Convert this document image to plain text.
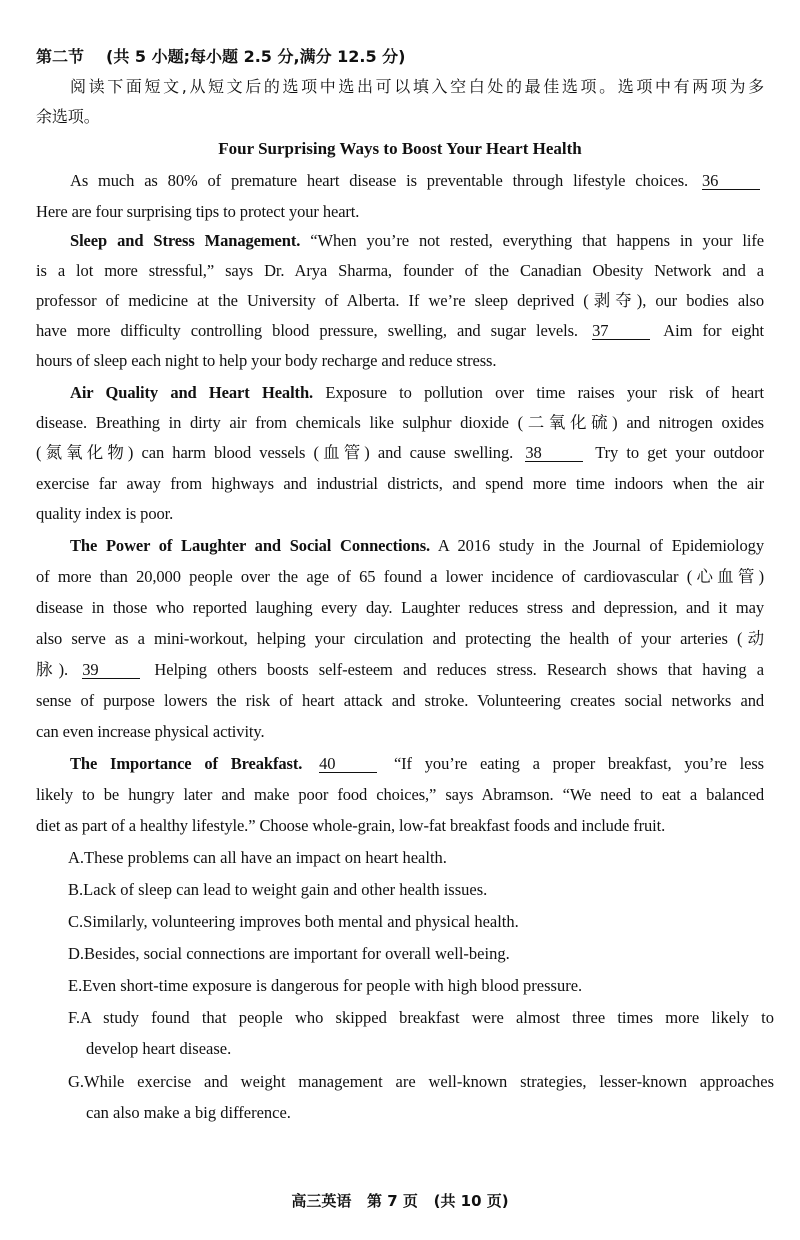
第二节 (共 5 小题;每小题 2.5 分,满分 12.5 分)
阅读下面短文,从短文后的选项中选出可以填入空白处的最佳选项。选项中有两项为多
余选项。
Four Surprising Ways to Boost Your Heart Health
As much as 80% of premature heart disease is preventable through lifestyle choices. 36
Here are four surprising tips to protect your heart.
Sleep and Stress Management. “When you’re not rested, everything that happens in your life
is a lot more stressful,” says Dr. Arya Sharma, founder of the Canadian Obesity Network and a
professor of medicine at the University of Alberta. If we’re sleep deprived (剥夺), our bodies also
have more difficulty controlling blood pressure, swelling, and sugar levels. 37	Aim for eight
hours of sleep each night to help your body recharge and reduce stress.
Air Quality and Heart Health. Exposure to pollution over time raises your risk of heart
disease. Breathing in dirty air from chemicals like sulphur dioxide (二氧化硫) and nitrogen oxides
(氮氧化物) can harm blood vessels (血管) and cause swelling. 38	Try to get your outdoor
exercise far away from highways and industrial districts, and spend more time indoors when the air
quality index is poor.
The Power of Laughter and Social Connections. A 2016 study in the Journal of Epidemiology
of more than 20,000 people over the age of 65 found a lower incidence of cardiovascular (心血管)
disease in those who reported laughing every day. Laughter reduces stress and depression, and it may
also serve as a mini-workout, helping your circulation and protecting the health of your arteries (动
脉). 39	Helping others boosts self-esteem and reduces stress. Research shows that having a
sense of purpose lowers the risk of heart attack and stroke. Volunteering creates social networks and
can even increase physical activity.
The Importance of Breakfast. 40	“If you’re eating a proper breakfast, you’re less
likely to be hungry later and make poor food choices,” says Abramson. “We need to eat a balanced
diet as part of a healthy lifestyle.” Choose whole-grain, low-fat breakfast foods and include fruit.
A.These problems can all have an impact on heart health.
B.Lack of sleep can lead to weight gain and other health issues.
C.Similarly, volunteering improves both mental and physical health.
D.Besides, social connections are important for overall well-being.
E.Even short-time exposure is dangerous for people with high blood pressure.
F.A study found that people who skipped breakfast were almost three times more likely to
develop heart disease.
G.While exercise and weight management are well-known strategies, lesser-known approaches
can also make a big difference.
高三英语 第 7 页 (共 10 页)
